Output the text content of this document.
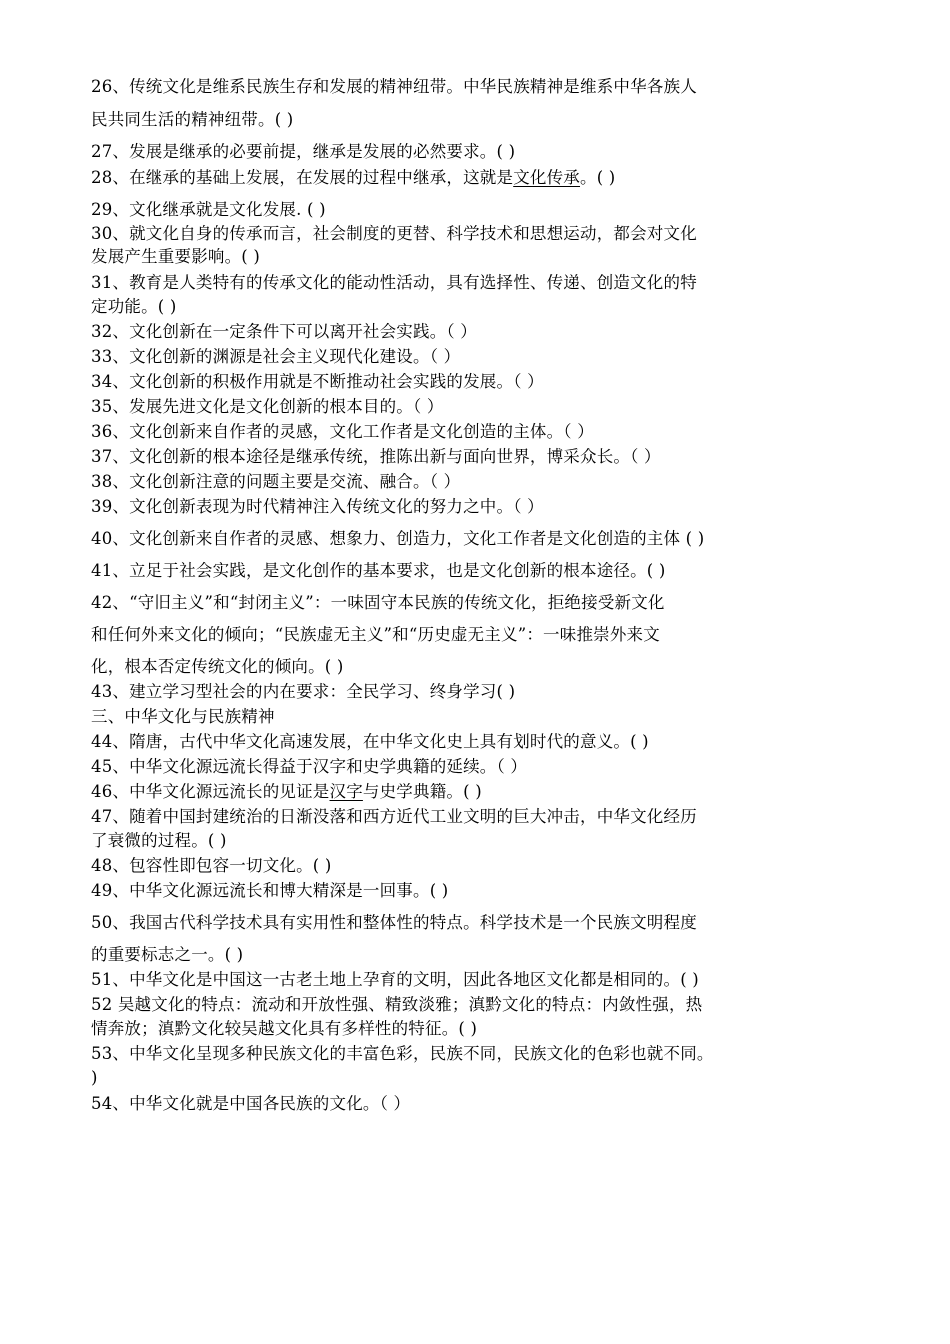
26、传统文化是维系民族生存和发展的精神纽带。中华民族精神是维系中华各族人

民共同生活的精神纽带。( )

27、发展是继承的必要前提，继承是发展的必然要求。( )

28、在继承的基础上发展，在发展的过程中继承，这就是文化传承。( )

29、文化继承就是文化发展. ( )

30、就文化自身的传承而言，社会制度的更替、科学技术和思想运动，都会对文化

发展产生重要影响。( )

31、教育是人类特有的传承文化的能动性活动，具有选择性、传递、创造文化的特

定功能。( )

32、文化创新在一定条件下可以离开社会实践。（ ）

33、文化创新的渊源是社会主义现代化建设。（ ）

34、文化创新的积极作用就是不断推动社会实践的发展。（ ）

35、发展先进文化是文化创新的根本目的。（ ）

36、文化创新来自作者的灵感，文化工作者是文化创造的主体。（ ）

37、文化创新的根本途径是继承传统，推陈出新与面向世界，博采众长。（ ）

38、文化创新注意的问题主要是交流、融合。（ ）

39、文化创新表现为时代精神注入传统文化的努力之中。（ ）

40、文化创新来自作者的灵感、想象力、创造力，文化工作者是文化创造的主体 ( )

41、立足于社会实践，是文化创作的基本要求，也是文化创新的根本途径。( )

42、“守旧主义”和“封闭主义”：一味固守本民族的传统文化，拒绝接受新文化

和任何外来文化的倾向；“民族虚无主义”和“历史虚无主义”：一味推崇外来文

化，根本否定传统文化的倾向。( )

43、建立学习型社会的内在要求：全民学习、终身学习( )

三、中华文化与民族精神

44、隋唐，古代中华文化高速发展，在中华文化史上具有划时代的意义。( )

45、中华文化源远流长得益于汉字和史学典籍的延续。（ ）

46、中华文化源远流长的见证是汉字与史学典籍。( )

47、随着中国封建统治的日渐没落和西方近代工业文明的巨大冲击，中华文化经历

了衰微的过程。( )

48、包容性即包容一切文化。( )

49、中华文化源远流长和博大精深是一回事。( )

50、我国古代科学技术具有实用性和整体性的特点。科学技术是一个民族文明程度

的重要标志之一。( )

51、中华文化是中国这一古老土地上孕育的文明，因此各地区文化都是相同的。( )

52 吴越文化的特点：流动和开放性强、精致淡雅；滇黔文化的特点：内敛性强，热

情奔放；滇黔文化较吴越文化具有多样性的特征。( )

53、中华文化呈现多种民族文化的丰富色彩，民族不同，民族文化的色彩也就不同。

)

54、中华文化就是中国各民族的文化。（ ）
